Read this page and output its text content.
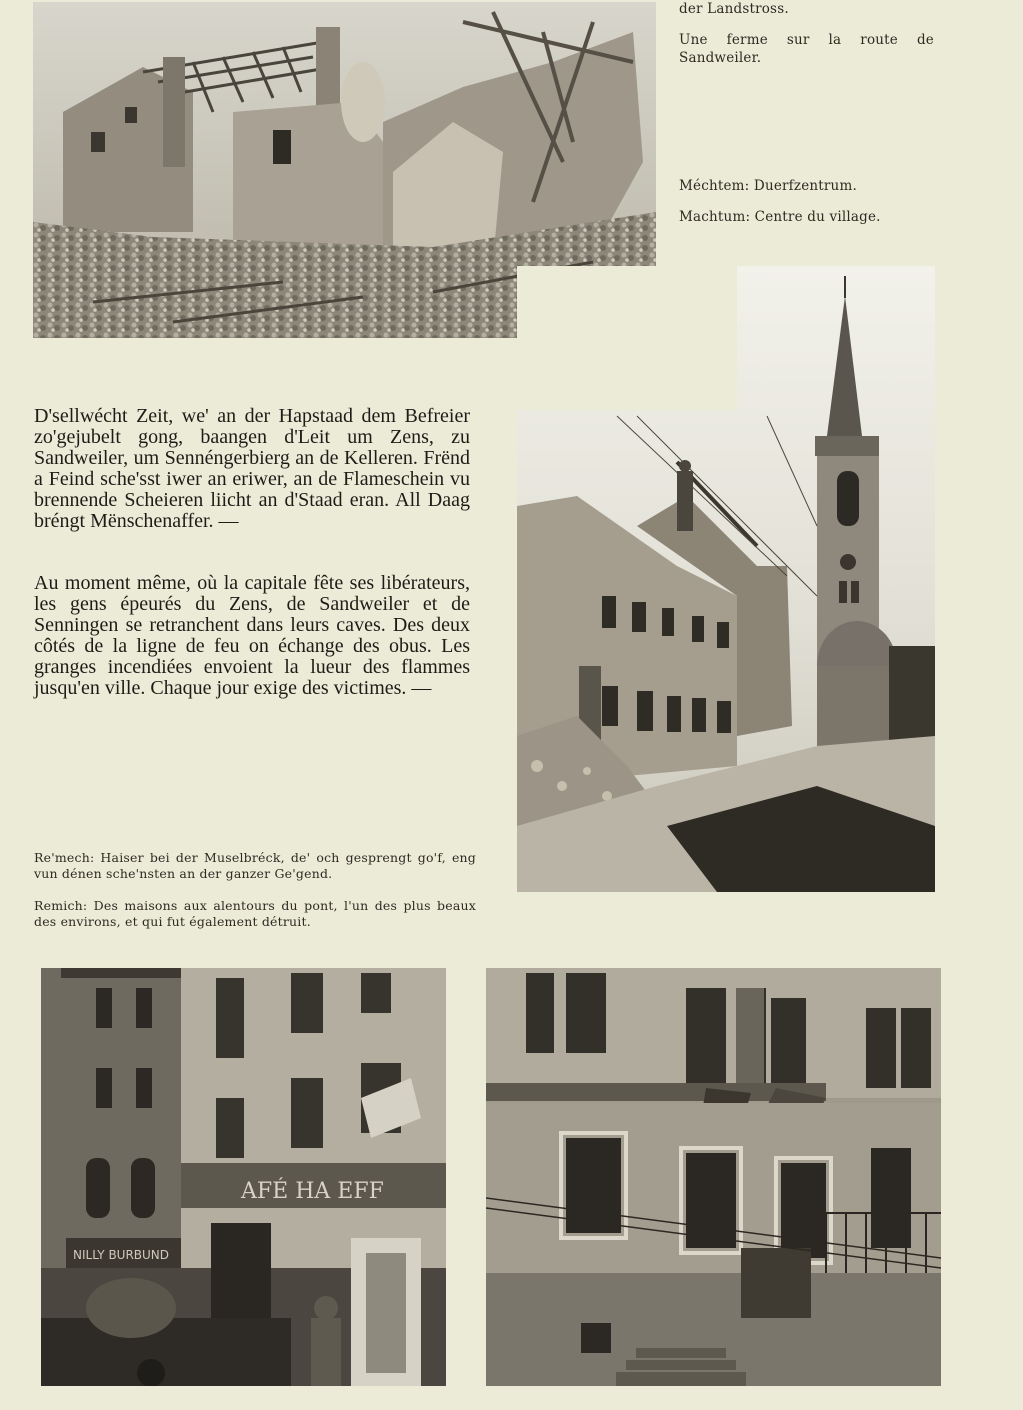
der Landstross.

Une ferme sur la route de Sandweiler.

Méchtem: Duerfzentrum.

Machtum: Centre du village.

D'sellwécht Zeit, we' an der Hapstaad dem Befreier zo'gejubelt gong, baangen d'Leit um Zens, zu Sandweiler, um Sennéngerbierg an de Kelleren. Frënd a Feind sche'sst iwer an eriwer, an de Flameschein vu brennende Scheieren liicht an d'Staad eran. All Daag bréngt Mënschenaffer. —

Au moment même, où la capitale fête ses libérateurs, les gens épeurés du Zens, de Sandweiler et de Senningen se retranchent dans leurs caves. Des deux côtés de la ligne de feu on échange des obus. Les granges incendiées envoient la lueur des flammes jusqu'en ville. Chaque jour exige des victimes. —

Re'mech: Haiser bei der Muselbréck, de' och gesprengt go'f, eng vun dénen sche'nsten an der ganzer Ge'gend.

Remich: Des maisons aux alentours du pont, l'un des plus beaux des environs, et qui fut également détruit.

AFÉ HA EFF
NILLY BURBUND
